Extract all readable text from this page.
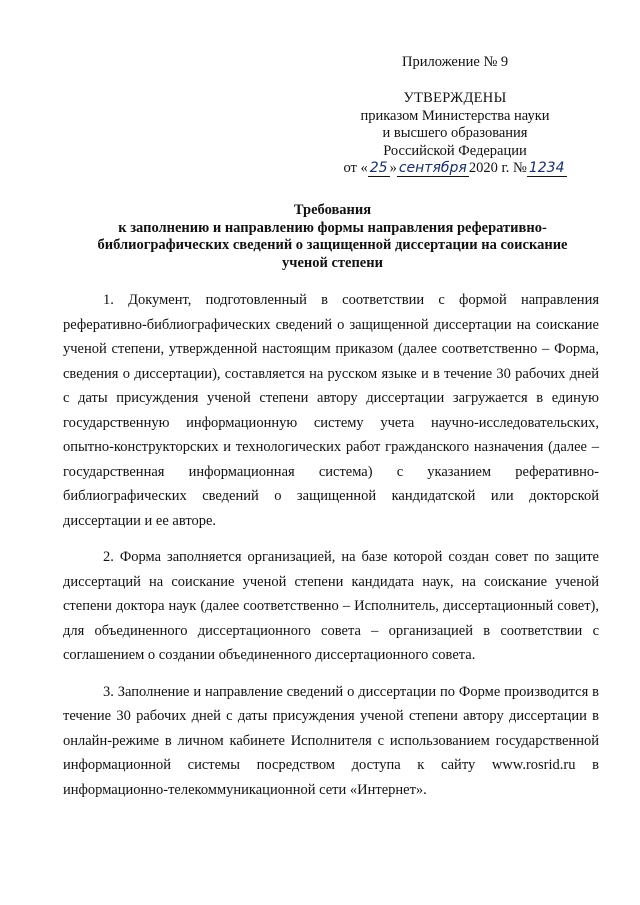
Приложение № 9
УТВЕРЖДЕНЫ
приказом Министерства науки
и высшего образования
Российской Федерации
от « 25 » сентября 2020 г. № 1234
Требования
к заполнению и направлению формы направления реферативно-
библиографических сведений о защищенной диссертации на соискание
ученой степени

1. Документ, подготовленный в соответствии с формой направления реферативно-библиографических сведений о защищенной диссертации на соискание ученой степени, утвержденной настоящим приказом (далее соответственно – Форма, сведения о диссертации), составляется на русском языке и в течение 30 рабочих дней с даты присуждения ученой степени автору диссертации загружается в единую государственную информационную систему учета научно-исследовательских, опытно-конструкторских и технологических работ гражданского назначения (далее – государственная информационная система) с указанием реферативно-библиографических сведений о защищенной кандидатской или докторской диссертации и ее авторе.

2. Форма заполняется организацией, на базе которой создан совет по защите диссертаций на соискание ученой степени кандидата наук, на соискание ученой степени доктора наук (далее соответственно – Исполнитель, диссертационный совет), для объединенного диссертационного совета – организацией в соответствии с соглашением о создании объединенного диссертационного совета.

3. Заполнение и направление сведений о диссертации по Форме производится в течение 30 рабочих дней с даты присуждения ученой степени автору диссертации в онлайн-режиме в личном кабинете Исполнителя с использованием государственной информационной системы посредством доступа к сайту www.rosrid.ru в информационно-телекоммуникационной сети «Интернет».
